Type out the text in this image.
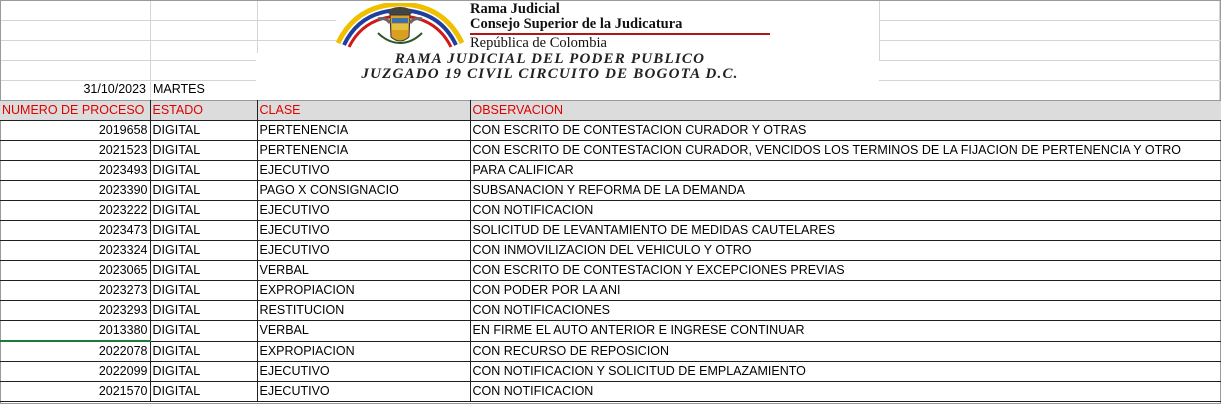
Rama Judicial
Consejo Superior de la Judicatura
República de Colombia
RAMA JUDICIAL DEL PODER PUBLICO
JUZGADO 19 CIVIL CIRCUITO DE BOGOTA D.C.
31/10/2023 MARTES
NUMERO DE PROCESO	ESTADO	CLASE	OBSERVACION
2019658	DIGITAL	PERTENENCIA	CON ESCRITO DE CONTESTACION CURADOR Y OTRAS
2021523	DIGITAL	PERTENENCIA	CON ESCRITO DE CONTESTACION CURADOR, VENCIDOS LOS TERMINOS DE LA FIJACION DE PERTENENCIA Y OTRO
2023493	DIGITAL	EJECUTIVO	PARA CALIFICAR
2023390	DIGITAL	PAGO X CONSIGNACIO	SUBSANACION Y REFORMA DE LA DEMANDA
2023222	DIGITAL	EJECUTIVO	CON NOTIFICACION
2023473	DIGITAL	EJECUTIVO	SOLICITUD DE LEVANTAMIENTO DE MEDIDAS CAUTELARES
2023324	DIGITAL	EJECUTIVO	CON INMOVILIZACION DEL VEHICULO Y OTRO
2023065	DIGITAL	VERBAL	CON ESCRITO DE CONTESTACION Y EXCEPCIONES PREVIAS
2023273	DIGITAL	EXPROPIACION	CON PODER POR LA ANI
2023293	DIGITAL	RESTITUCION	CON NOTIFICACIONES
2013380	DIGITAL	VERBAL	EN FIRME EL AUTO ANTERIOR E INGRESE CONTINUAR
2022078	DIGITAL	EXPROPIACION	CON RECURSO DE REPOSICION
2022099	DIGITAL	EJECUTIVO	CON NOTIFICACION Y SOLICITUD DE EMPLAZAMIENTO
2021570	DIGITAL	EJECUTIVO	CON NOTIFICACION
